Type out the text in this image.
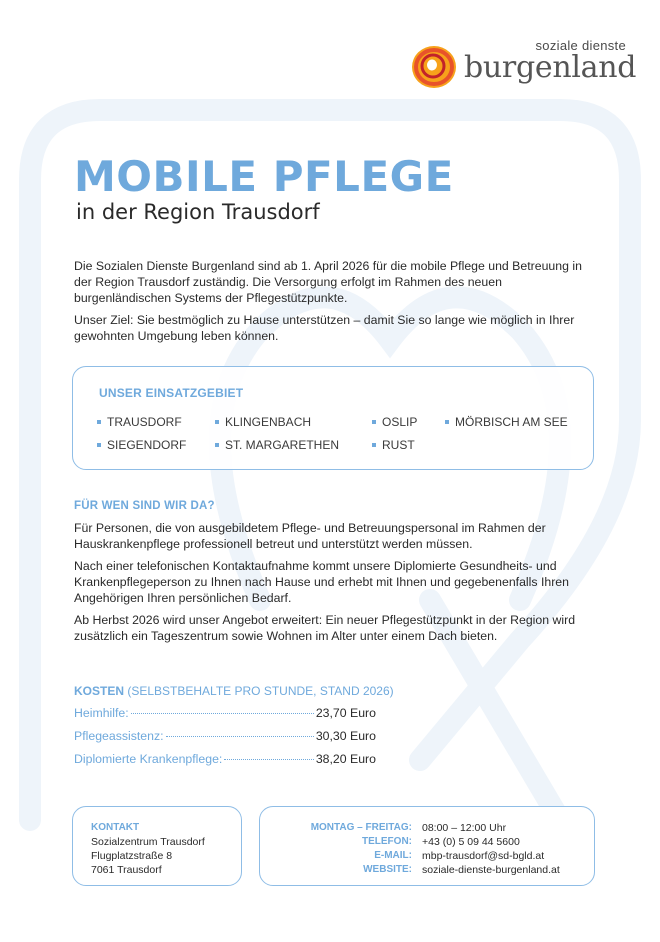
soziale dienste
burgenland
MOBILE PFLEGE
in der Region Trausdorf

Die Sozialen Dienste Burgenland sind ab 1. April 2026 für die mobile Pflege und Betreuung in der Region Trausdorf zuständig. Die Versorgung erfolgt im Rahmen des neuen burgenländischen Systems der Pflegestützpunkte.

Unser Ziel: Sie bestmöglich zu Hause unterstützen – damit Sie so lange wie möglich in Ihrer gewohnten Umgebung leben können.

UNSER EINSATZGEBIET
TRAUSDORF	KLINGENBACH	OSLIP	MÖRBISCH AM SEE
SIEGENDORF	ST. MARGARETHEN	RUST
FÜR WEN SIND WIR DA?

Für Personen, die von ausgebildetem Pflege- und Betreuungspersonal im Rahmen der Hauskrankenpflege professionell betreut und unterstützt werden müssen.

Nach einer telefonischen Kontaktaufnahme kommt unsere Diplomierte Gesundheits- und Krankenpflegeperson zu Ihnen nach Hause und erhebt mit Ihnen und gegebenenfalls Ihren Angehörigen Ihren persönlichen Bedarf.

Ab Herbst 2026 wird unser Angebot erweitert: Ein neuer Pflegestützpunkt in der Region wird zusätzlich ein Tageszentrum sowie Wohnen im Alter unter einem Dach bieten.

KOSTEN (SELBSTBEHALTE PRO STUNDE, STAND 2026)
Heimhilfe:	23,70 Euro
Pflegeassistenz:	30,30 Euro
Diplomierte Krankenpflege:	38,20 Euro
KONTAKT
Sozialzentrum Trausdorf
Flugplatzstraße 8
7061 Trausdorf
MONTAG – FREITAG: 08:00 – 12:00 Uhr
TELEFON: +43 (0) 5 09 44 5600
E-MAIL: mbp-trausdorf@sd-bgld.at
WEBSITE: soziale-dienste-burgenland.at
